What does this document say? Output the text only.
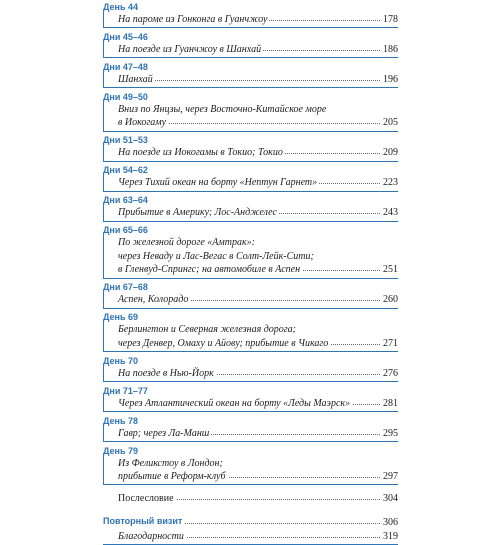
День 44
На пароме из Гонконга в Гуанчжоу	178
Дни 45–46
На поезде из Гуанчжоу в Шанхай	186
Дни 47–48
Шанхай	196
Дни 49–50
Вниз по Янцзы, через Восточно-Китайское море
в Иокогаму	205
Дни 51–53
На поезде из Иокогамы в Токио; Токио	209
Дни 54–62
Через Тихий океан на борту «Нептун Гарнет»	223
Дни 63–64
Прибытие в Америку; Лос-Анджелес	243
Дни 65–66
По железной дороге «Амтрак»:
через Неваду и Лас-Вегас в Солт-Лейк-Сити;
в Гленвуд-Спрингс; на автомобиле в Аспен	251
Дни 67–68
Аспен, Колорадо	260
День 69
Берлингтон и Северная железная дорога;
через Денвер, Омаху и Айову; прибытие в Чикаго	271
День 70
На поезде в Нью-Йорк	276
Дни 71–77
Через Атлантический океан на борту «Леды Маэрск»	281
День 78
Гавр; через Ла-Манш	295
День 79
Из Феликстоу в Лондон;
прибытие в Реформ-клуб	297
Послесловие	304
Повторный визит	306
Благодарности	319
